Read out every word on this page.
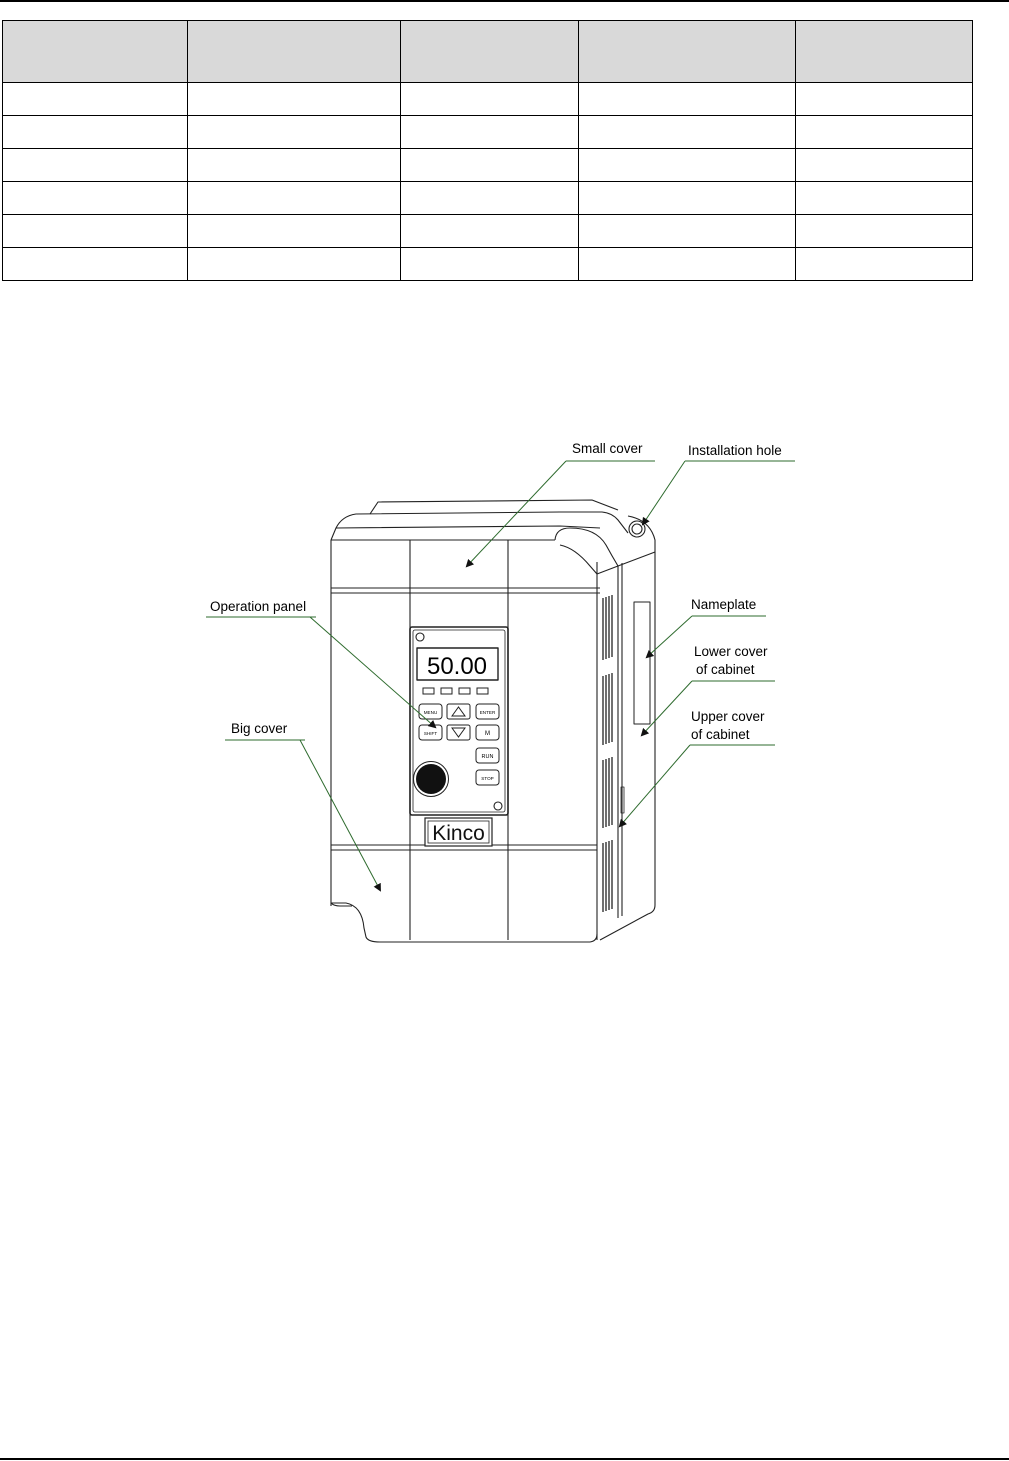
50.00
MENU	ENTER
SHIFT	M
RUN
STOP
Kinco
Small cover	Installation hole
Operation panel	Nameplate
Lower cover
of cabinet
Upper cover
of cabinet
Big cover
